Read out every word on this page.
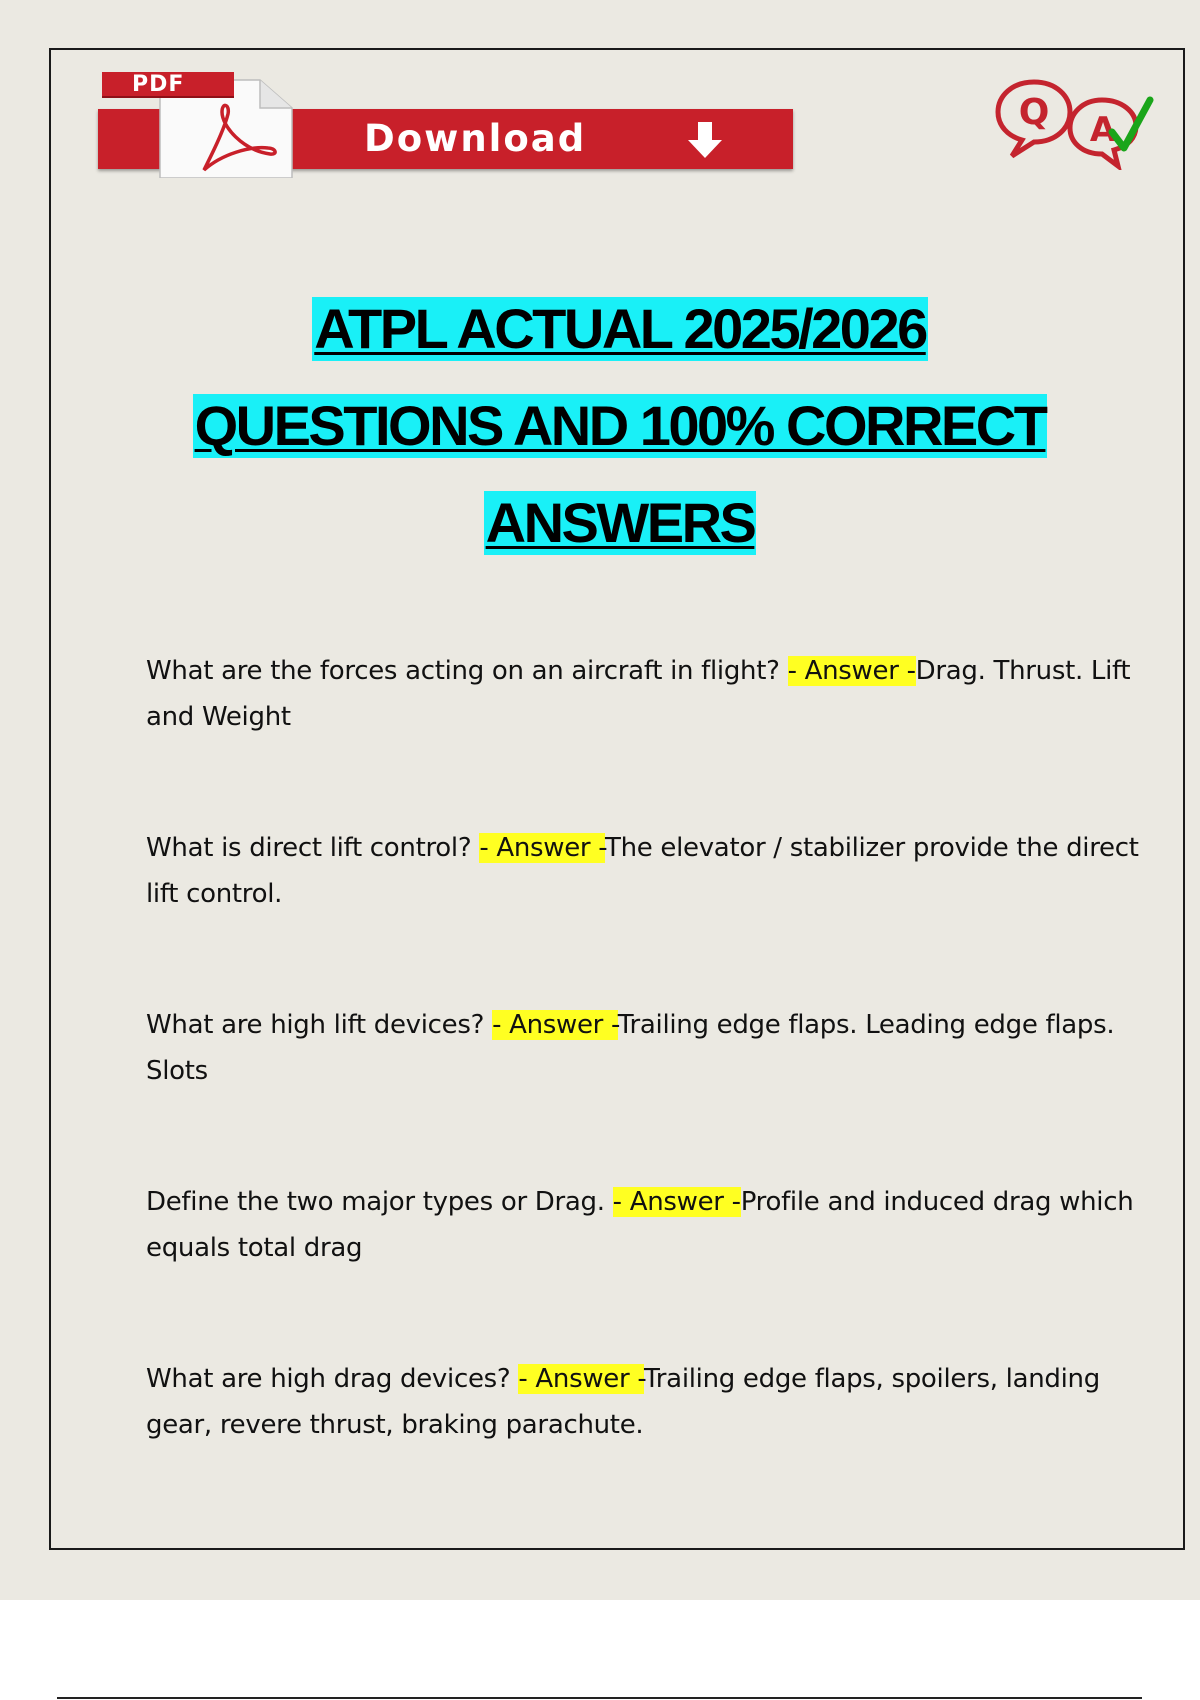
PDF
Download
Q A
ATPL ACTUAL 2025/2026
QUESTIONS AND 100% CORRECT
ANSWERS
What are the forces acting on an aircraft in flight? - Answer -Drag. Thrust. Lift and Weight
What is direct lift control? - Answer -The elevator / stabilizer provide the direct lift control.
What are high lift devices? - Answer -Trailing edge flaps. Leading edge flaps. Slots
Define the two major types or Drag. - Answer -Profile and induced drag which equals total drag
What are high drag devices? - Answer -Trailing edge flaps, spoilers, landing gear, revere thrust, braking parachute.
